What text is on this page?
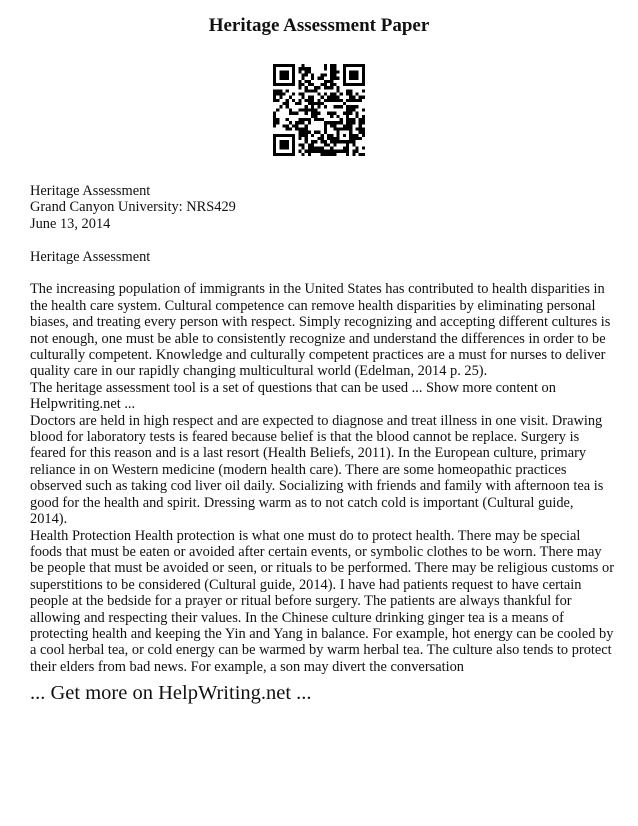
Heritage Assessment Paper

Heritage Assessment

Grand Canyon University: NRS429

June 13, 2014

Heritage Assessment

The increasing population of immigrants in the United States has contributed to health disparities in the health care system. Cultural competence can remove health disparities by eliminating personal biases, and treating every person with respect. Simply recognizing and accepting different cultures is not enough, one must be able to consistently recognize and understand the differences in order to be culturally competent. Knowledge and culturally competent practices are a must for nurses to deliver quality care in our rapidly changing multicultural world (Edelman, 2014 p. 25).

The heritage assessment tool is a set of questions that can be used ... Show more content on Helpwriting.net ...

Doctors are held in high respect and are expected to diagnose and treat illness in one visit. Drawing blood for laboratory tests is feared because belief is that the blood cannot be replace. Surgery is feared for this reason and is a last resort (Health Beliefs, 2011). In the European culture, primary reliance in on Western medicine (modern health care). There are some homeopathic practices observed such as taking cod liver oil daily. Socializing with friends and family with afternoon tea is good for the health and spirit. Dressing warm as to not catch cold is important (Cultural guide, 2014).

Health Protection Health protection is what one must do to protect health. There may be special foods that must be eaten or avoided after certain events, or symbolic clothes to be worn. There may be people that must be avoided or seen, or rituals to be performed. There may be religious customs or superstitions to be considered (Cultural guide, 2014). I have had patients request to have certain people at the bedside for a prayer or ritual before surgery. The patients are always thankful for allowing and respecting their values. In the Chinese culture drinking ginger tea is a means of protecting health and keeping the Yin and Yang in balance. For example, hot energy can be cooled by a cool herbal tea, or cold energy can be warmed by warm herbal tea. The culture also tends to protect their elders from bad news. For example, a son may divert the conversation

... Get more on HelpWriting.net ...
